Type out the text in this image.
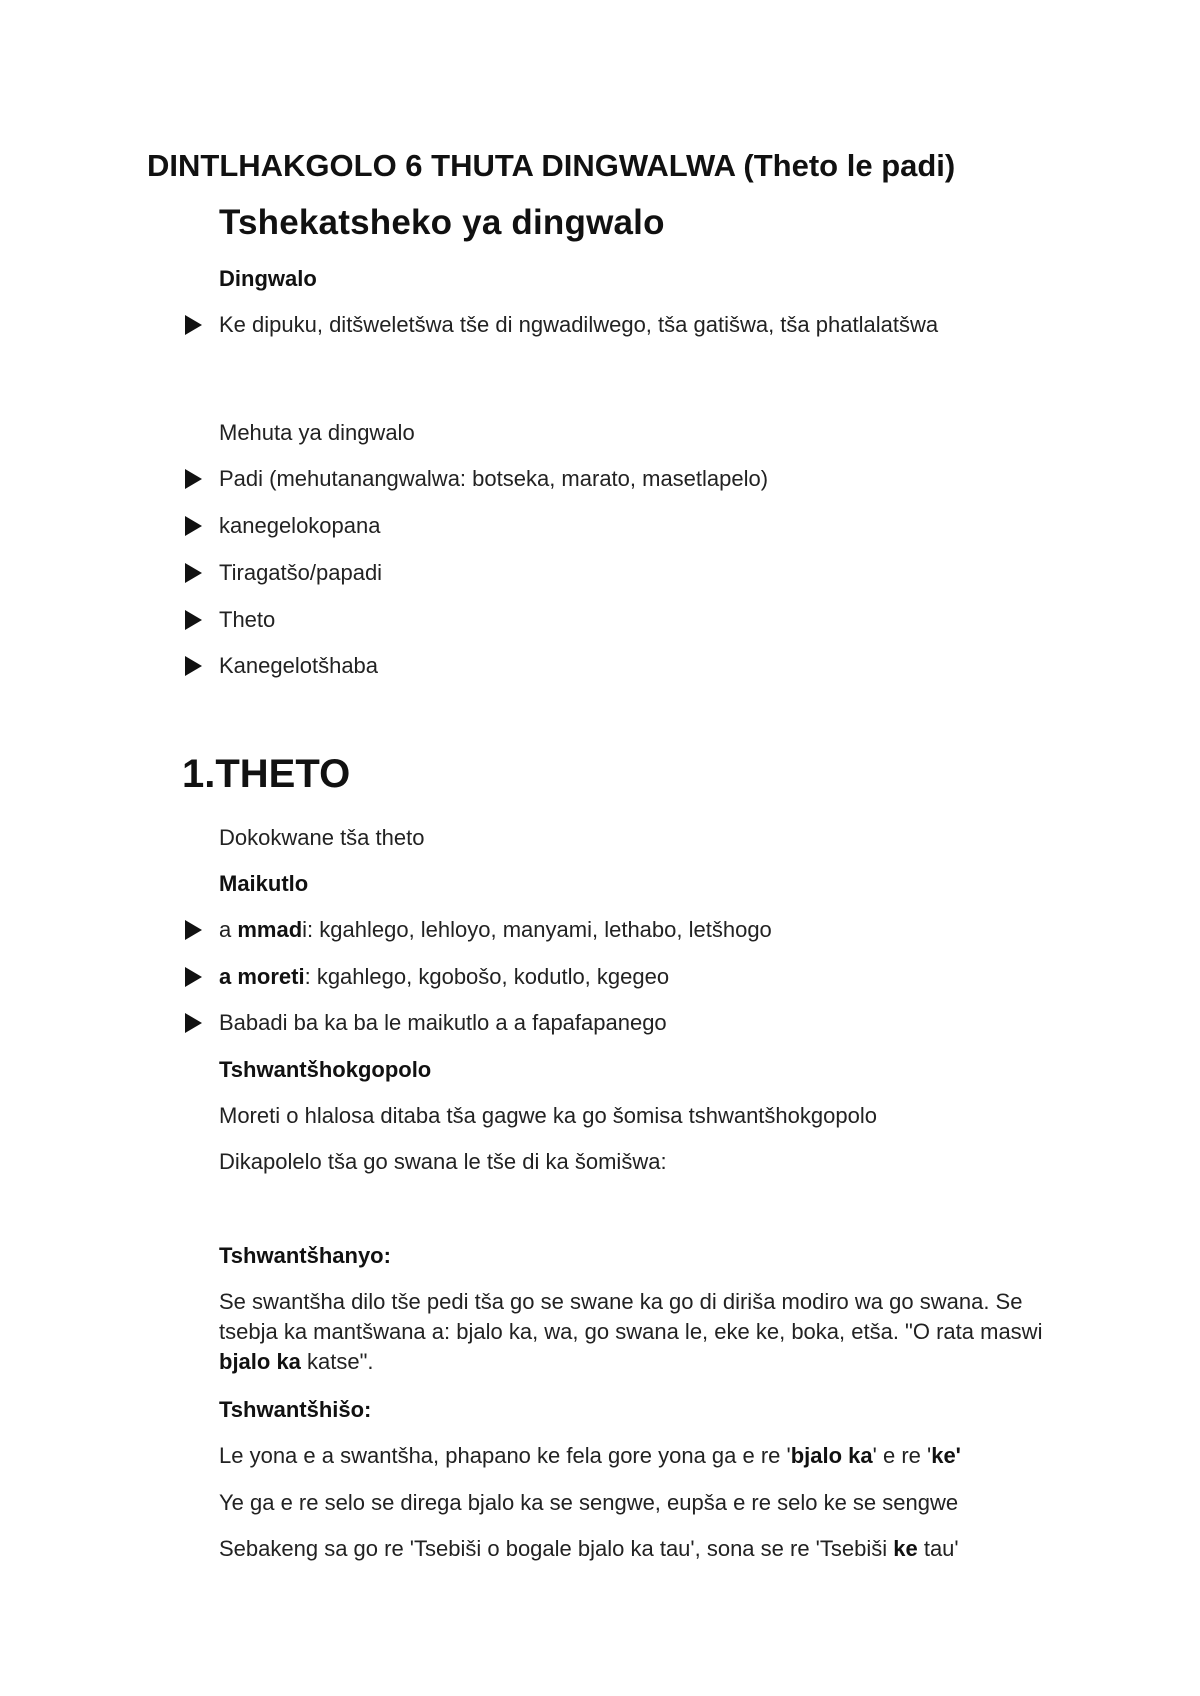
DINTLHAKGOLO 6 THUTA DINGWALWA (Theto le padi)
Tshekatsheko ya dingwalo
Dingwalo
Ke dipuku, ditšweletšwa tše di ngwadilwego, tša gatišwa, tša phatlalatšwa
Mehuta ya dingwalo
Padi (mehutanangwalwa: botseka, marato, masetlapelo)
kanegelokopana
Tiragatšo/papadi
Theto
Kanegelotšhaba
1.THETO
Dokokwane tša theto
Maikutlo
a mmadi: kgahlego, lehloyo, manyami, lethabo, letšhogo
a moreti: kgahlego, kgobošo, kodutlo, kgegeo
Babadi ba ka ba le maikutlo a a fapafapanego
Tshwantšhokgopolo
Moreti o hlalosa ditaba tša gagwe ka go šomisa tshwantšhokgopolo
Dikapolelo tša go swana le tše di ka šomišwa:
Tshwantšhanyo:
Se swantšha dilo tše pedi tša go se swane ka go di diriša modiro wa go swana. Se tsebja ka mantšwana a: bjalo ka, wa, go swana le, eke ke, boka, etša. "O rata maswi bjalo ka katse".
Tshwantšhišo:
Le yona e a swantšha, phapano ke fela gore yona ga e re 'bjalo ka' e re 'ke'
Ye ga e re selo se direga bjalo ka se sengwe, eupša e re selo ke se sengwe
Sebakeng sa go re 'Tsebiši o bogale bjalo ka tau', sona se re 'Tsebiši ke tau'
